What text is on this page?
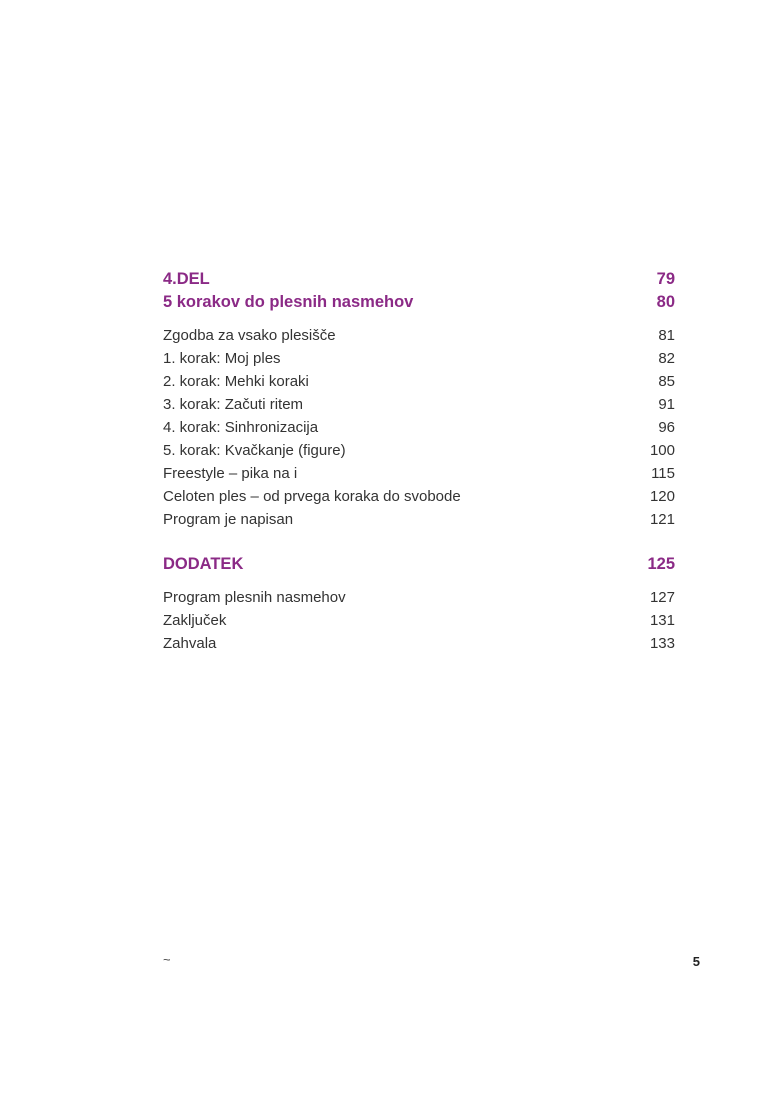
4.DEL	79
5 korakov do plesnih nasmehov	80
Zgodba za vsako plesišče	81
1. korak: Moj ples	82
2. korak: Mehki koraki	85
3. korak: Začuti ritem	91
4. korak: Sinhronizacija	96
5. korak: Kvačkanje (figure)	100
Freestyle – pika na i	115
Celoten ples – od prvega koraka do svobode	120
Program je napisan	121
DODATEK	125
Program plesnih nasmehov	127
Zaključek	131
Zahvala	133
~	5
